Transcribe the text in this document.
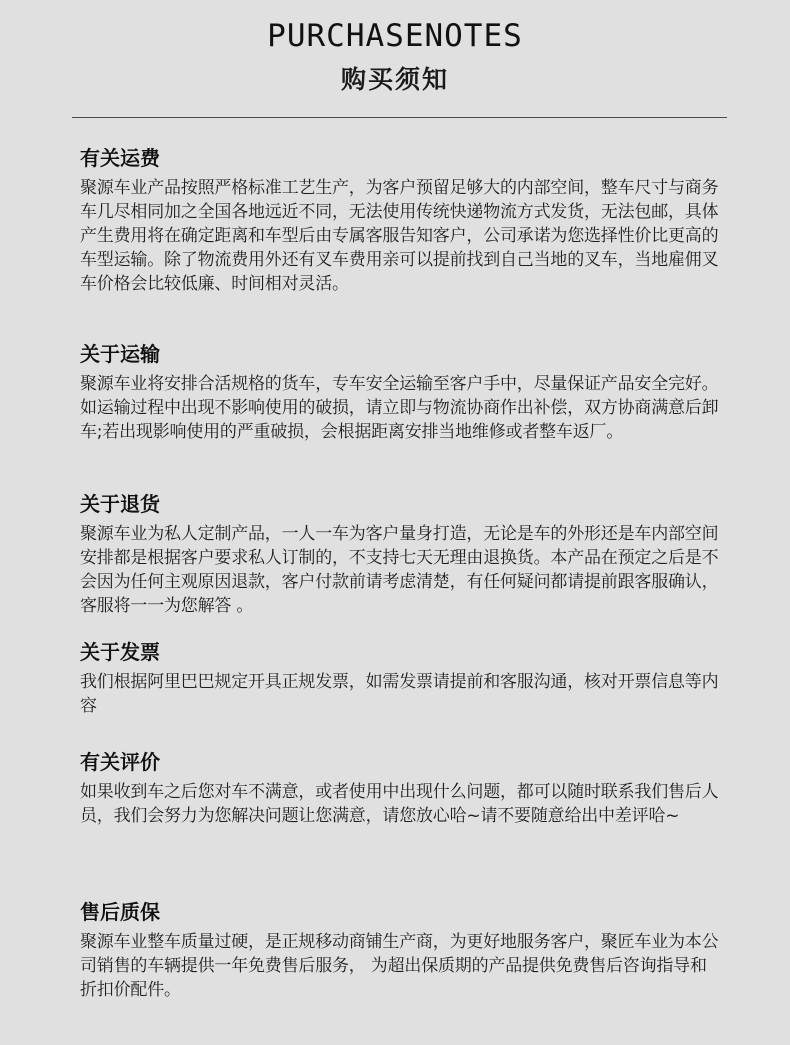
PURCHASENOTES
购买须知
有关运费

聚源车业产品按照严格标准工艺生产，为客户预留足够大的内部空间，整车尺寸与商务车几尽相同加之全国各地远近不同，无法使用传统快递物流方式发货，无法包邮，具体产生费用将在确定距离和车型后由专属客服告知客户，公司承诺为您选择性价比更高的车型运输。除了物流费用外还有叉车费用亲可以提前找到自己当地的叉车，当地雇佣叉车价格会比较低廉、时间相对灵活。

关于运输

聚源车业将安排合活规格的货车，专车安全运输至客户手中，尽量保证产品安全完好。如运输过程中出现不影响使用的破损，请立即与物流协商作出补偿，双方协商满意后卸车;若出现影响使用的严重破损，会根据距离安排当地维修或者整车返厂。

关于退货

聚源车业为私人定制产品，一人一车为客户量身打造，无论是车的外形还是车内部空间安排都是根据客户要求私人订制的，不支持七天无理由退换货。本产品在预定之后是不会因为任何主观原因退款，客户付款前请考虑清楚，有任何疑问都请提前跟客服确认，客服将一一为您解答 。

关于发票

我们根据阿里巴巴规定开具正规发票，如需发票请提前和客服沟通，核对开票信息等内容

有关评价

如果收到车之后您对车不满意，或者使用中出现什么问题，都可以随时联系我们售后人员，我们会努力为您解决问题让您满意，请您放心哈~请不要随意给出中差评哈~

售后质保

聚源车业整车质量过硬，是正规移动商铺生产商，为更好地服务客户，聚匠车业为本公司销售的车辆提供一年免费售后服务， 为超出保质期的产品提供免费售后咨询指导和折扣价配件。
